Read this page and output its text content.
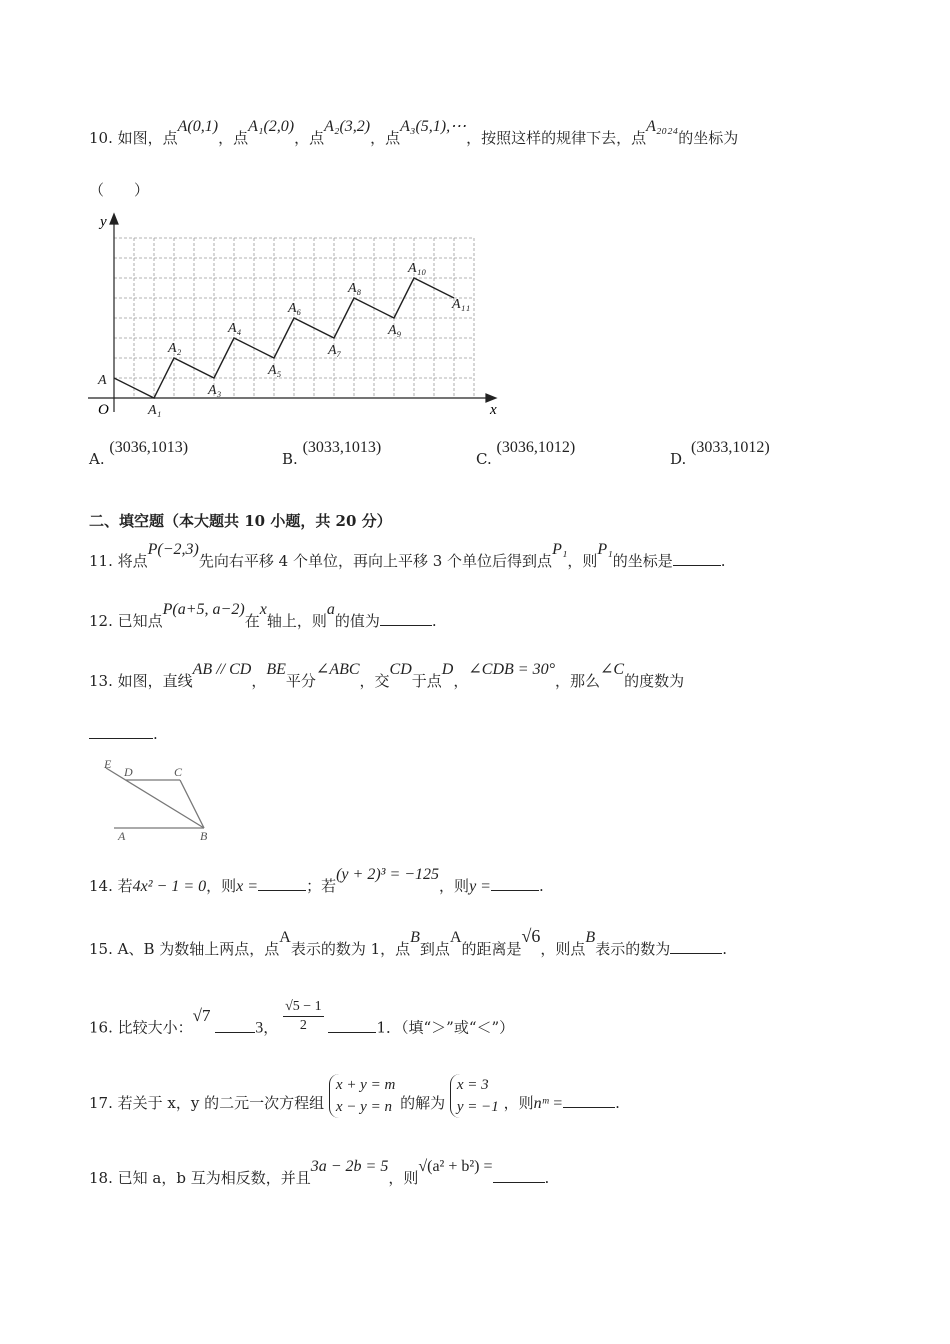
10. 如图，点A(0,1)，点A₁(2,0)，点A₂(3,2)，点A₃(5,1),⋯，按照这样的规律下去，点A₂₀₂₄的坐标为
（　　）
y
x
O
A
A₁
A₂
A₃
A₄
A₅
A₆
A₇
A₈
A₉
A₁₀
A₁₁
A. (3036,1013)
B. (3033,1013)
C. (3036,1012)
D. (3033,1012)
二、填空题（本大题共 10 小题，共 20 分）
11. 将点P(−2,3)先向右平移 4 个单位，再向上平移 3 个单位后得到点P₁，则P₁的坐标是	.
12. 已知点P(a+5, a−2)在x轴上，则a的值为	.
13. 如图，直线AB // CD，BE平分∠ABC，交CD于点D，∠CDB = 30°，那么∠C的度数为
.
E
D	C
A	B
14. 若4x² − 1 = 0，则x =	；若(y + 2)³ = −125，则y =	.
15. A、B 为数轴上两点，点A表示的数为 1，点B到点A的距离是√6，则点B表示的数为	.
16. 比较大小：√7 3， $\frac{√5 - 1}{2}$	1．（填“＞”或“＜”）
17. 若关于 x，y 的二元一次方程组
x + y = m
x − y = n 的解为
x = 3
y = −1 ，则nᵐ =	.
18. 已知 a，b 互为相反数，并且3a − 2b = 5，则√(a² + b²) =.
